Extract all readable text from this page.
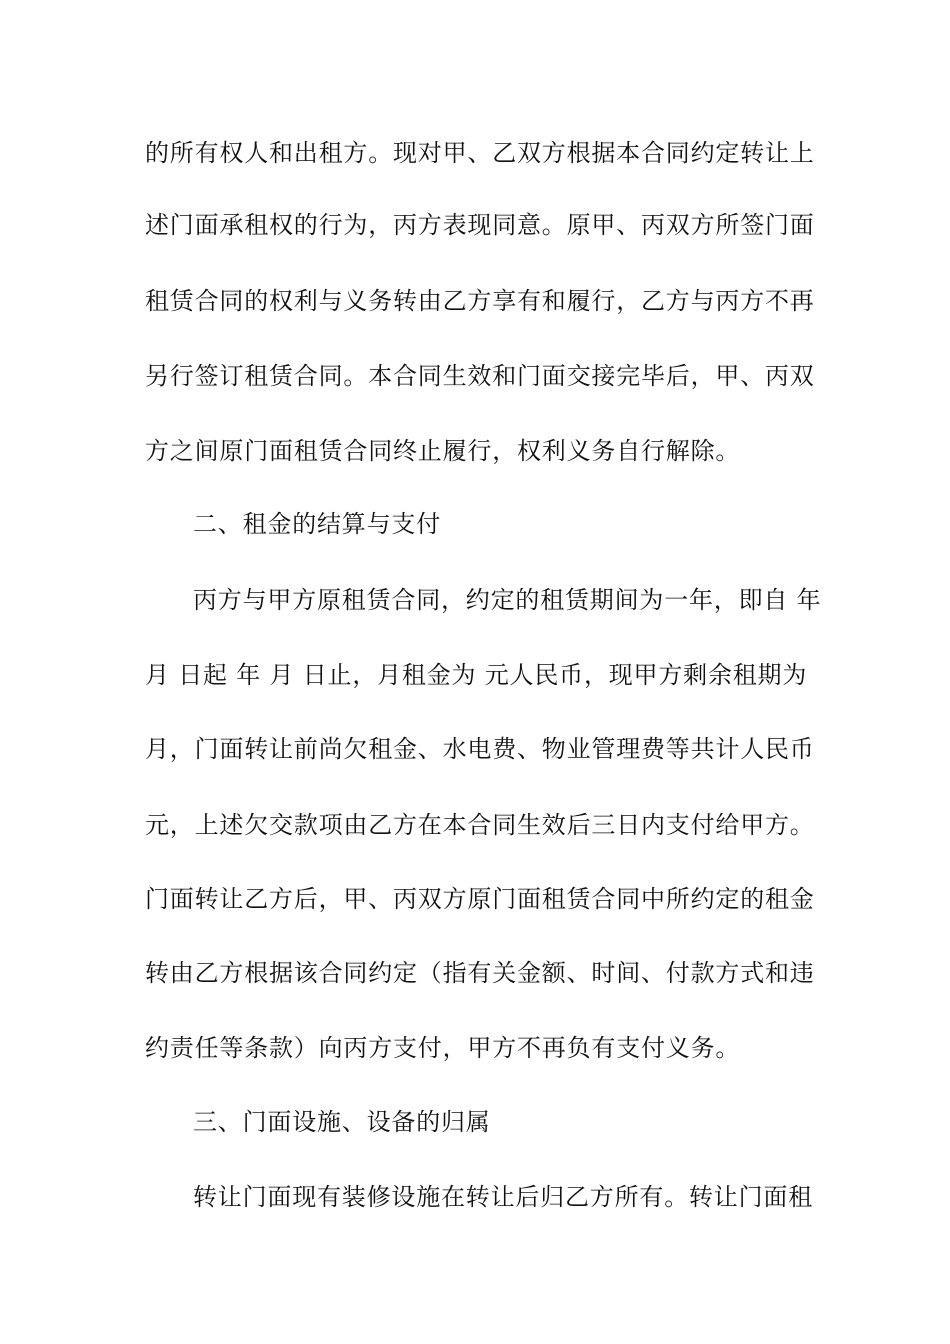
的所有权人和出租方。现对甲、乙双方根据本合同约定转让上
述门面承租权的行为，丙方表现同意。原甲、丙双方所签门面
租赁合同的权利与义务转由乙方享有和履行，乙方与丙方不再
另行签订租赁合同。本合同生效和门面交接完毕后，甲、丙双
方之间原门面租赁合同终止履行，权利义务自行解除。
二、租金的结算与支付
丙方与甲方原租赁合同，约定的租赁期间为一年，即自 年
月 日起 年 月 日止，月租金为 元人民币，现甲方剩余租期为
月，门面转让前尚欠租金、水电费、物业管理费等共计人民币
元，上述欠交款项由乙方在本合同生效后三日内支付给甲方。
门面转让乙方后，甲、丙双方原门面租赁合同中所约定的租金
转由乙方根据该合同约定（指有关金额、时间、付款方式和违
约责任等条款）向丙方支付，甲方不再负有支付义务。
三、门面设施、设备的归属
转让门面现有装修设施在转让后归乙方所有。转让门面租
